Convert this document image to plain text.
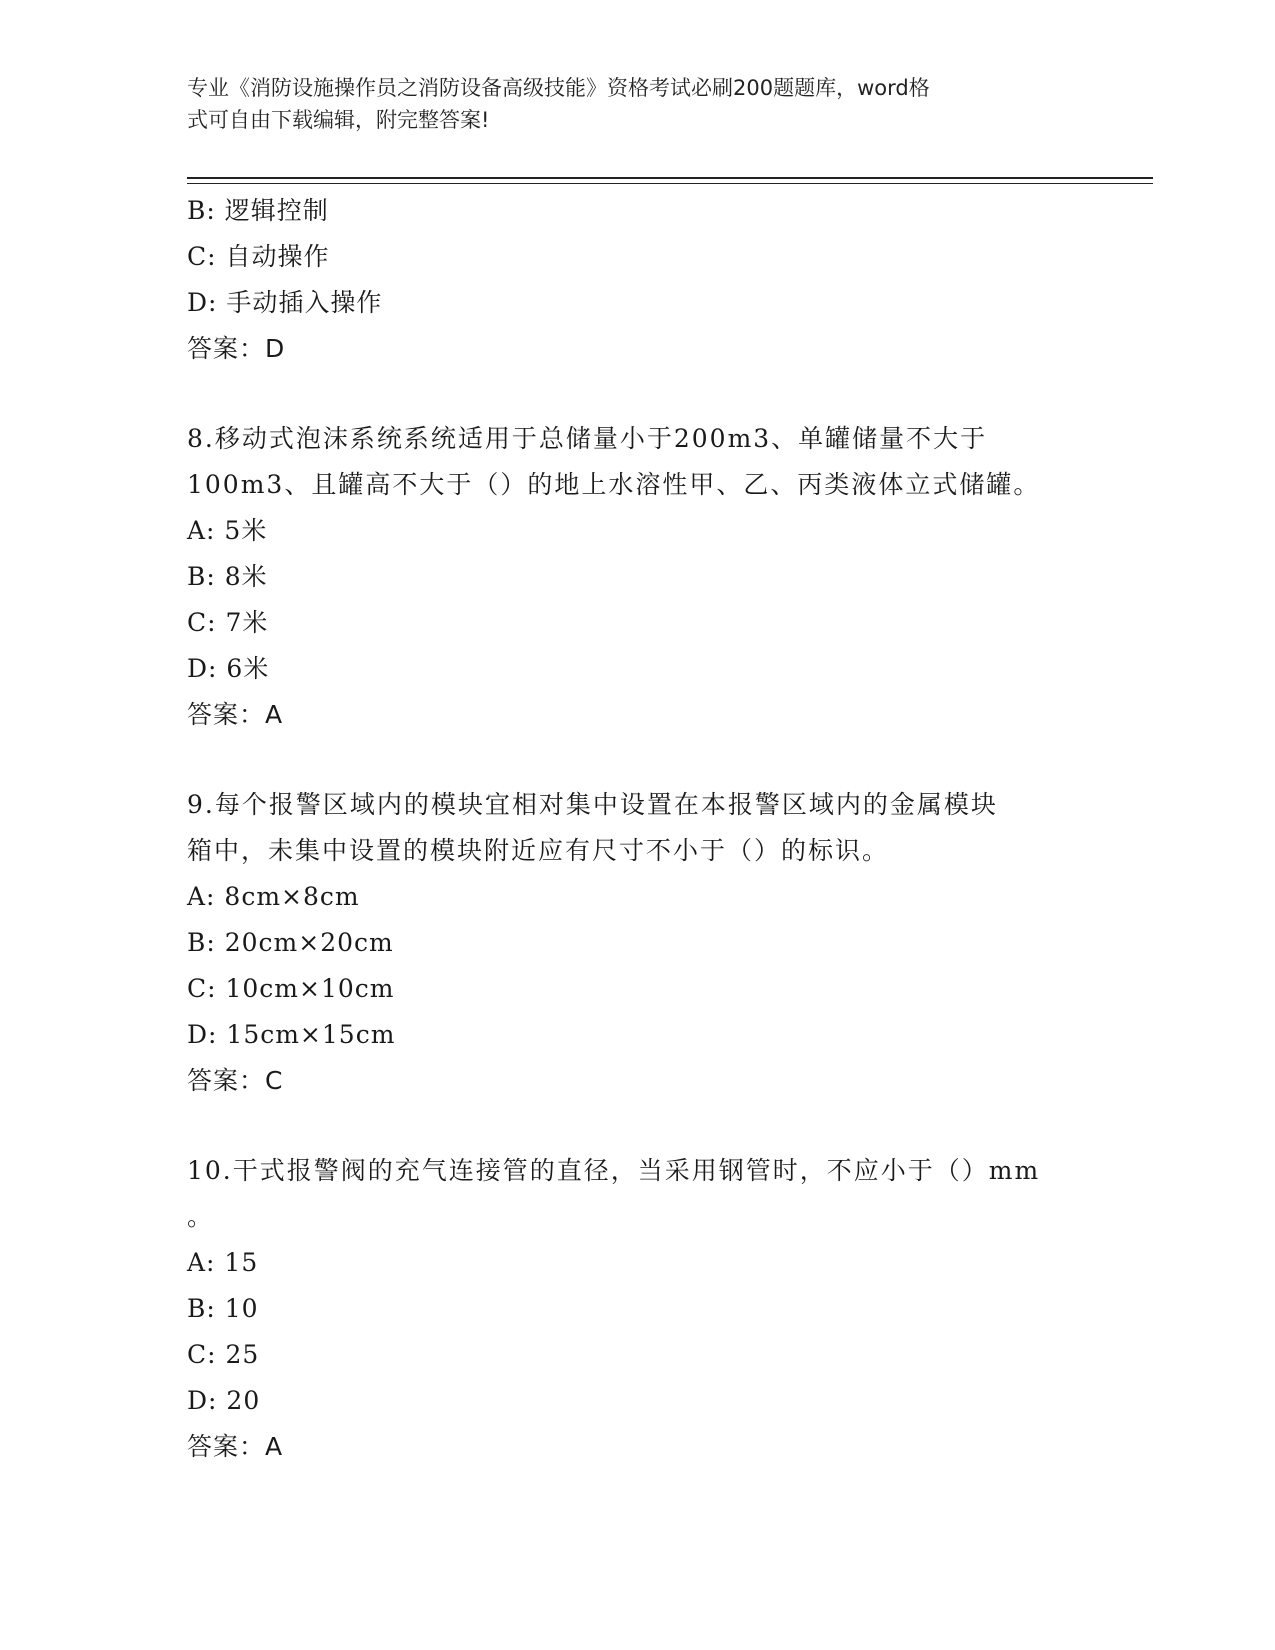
专业《消防设施操作员之消防设备高级技能》资格考试必刷200题题库，word格
式可自由下载编辑，附完整答案!
B: 逻辑控制
C: 自动操作
D: 手动插入操作
答案：D
8.移动式泡沫系统系统适用于总储量小于200m3、单罐储量不大于
100m3、且罐高不大于（）的地上水溶性甲、乙、丙类液体立式储罐。
A: 5米
B: 8米
C: 7米
D: 6米
答案：A
9.每个报警区域内的模块宜相对集中设置在本报警区域内的金属模块
箱中，未集中设置的模块附近应有尺寸不小于（）的标识。
A: 8cm×8cm
B: 20cm×20cm
C: 10cm×10cm
D: 15cm×15cm
答案：C
10.干式报警阀的充气连接管的直径，当采用钢管时，不应小于（）mm
。
A: 15
B: 10
C: 25
D: 20
答案：A
